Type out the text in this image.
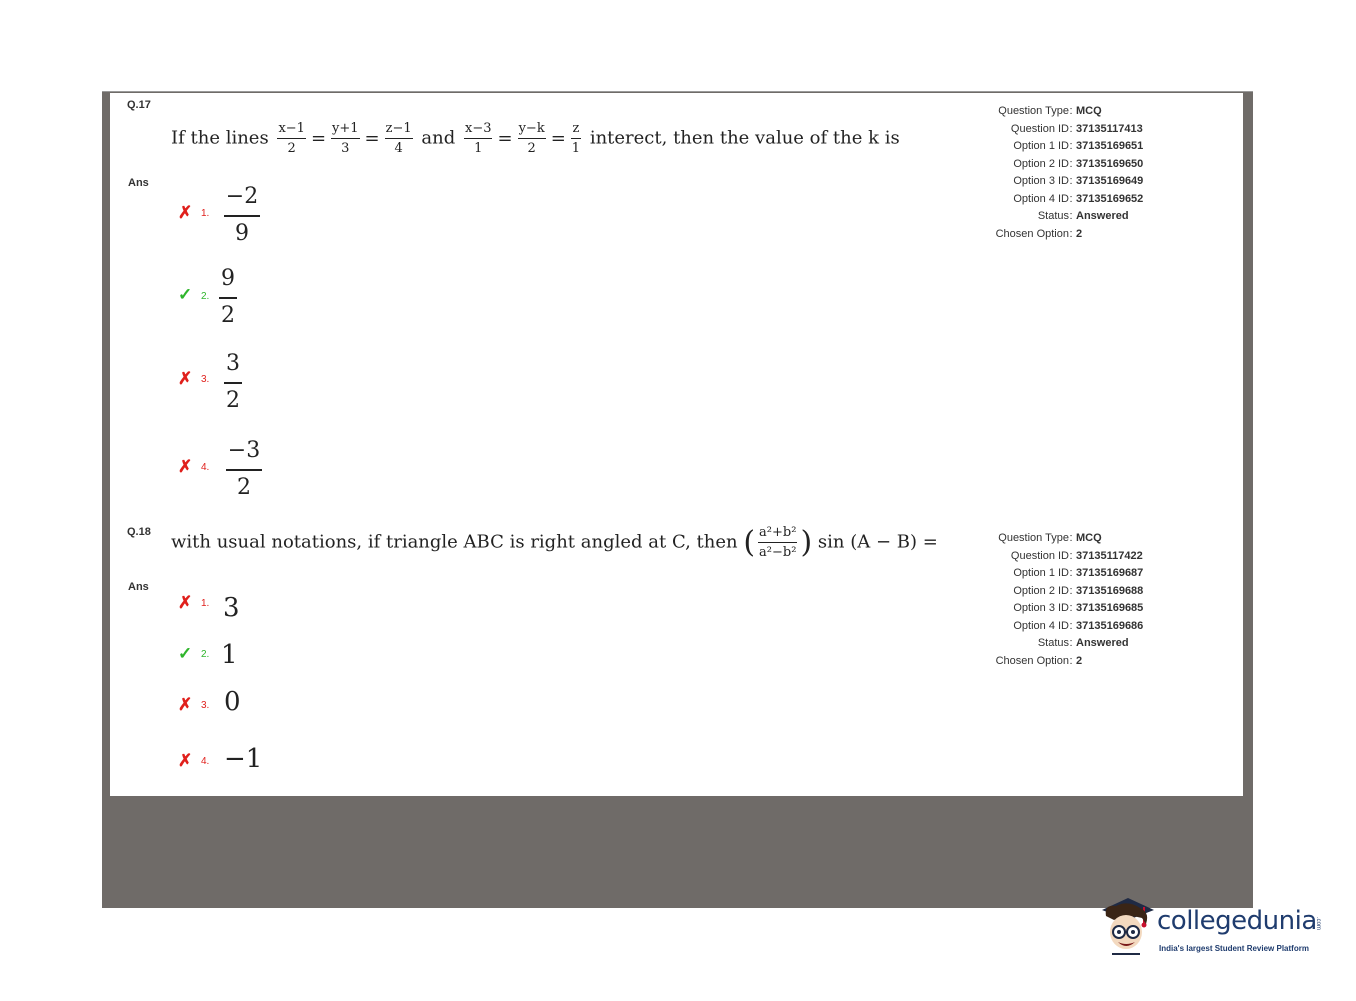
Q.17
If the lines $\frac{x-1}{2} = \frac{y+1}{3} = \frac{z-1}{4}$ and $\frac{x-3}{1} = \frac{y-k}{2} = \frac{z}{1}$ interect, then the value of the k is
Ans
✗ 1.
−2
9
✓ 2.
9
2
✗ 3.
3
2
✗ 4.
−3
2
Question Type : MCQ
Question ID : 37135117413
Option 1 ID : 37135169651
Option 2 ID : 37135169650
Option 3 ID : 37135169649
Option 4 ID : 37135169652
Status : Answered
Chosen Option : 2
Q.18 with usual notations, if triangle ABC is right angled at C, then ( $\frac{\text{a²+b²}}{\text{a²−b²}}$ ) sin (A − B) =
Ans
✗ 1. 3
✓ 2. 1
✗ 3. 0
✗ 4. −1
Question Type : MCQ
Question ID : 37135117422
Option 1 ID : 37135169687
Option 2 ID : 37135169688
Option 3 ID : 37135169685
Option 4 ID : 37135169686
Status : Answered
Chosen Option : 2
collegedunia
.com
India's largest Student Review Platform
